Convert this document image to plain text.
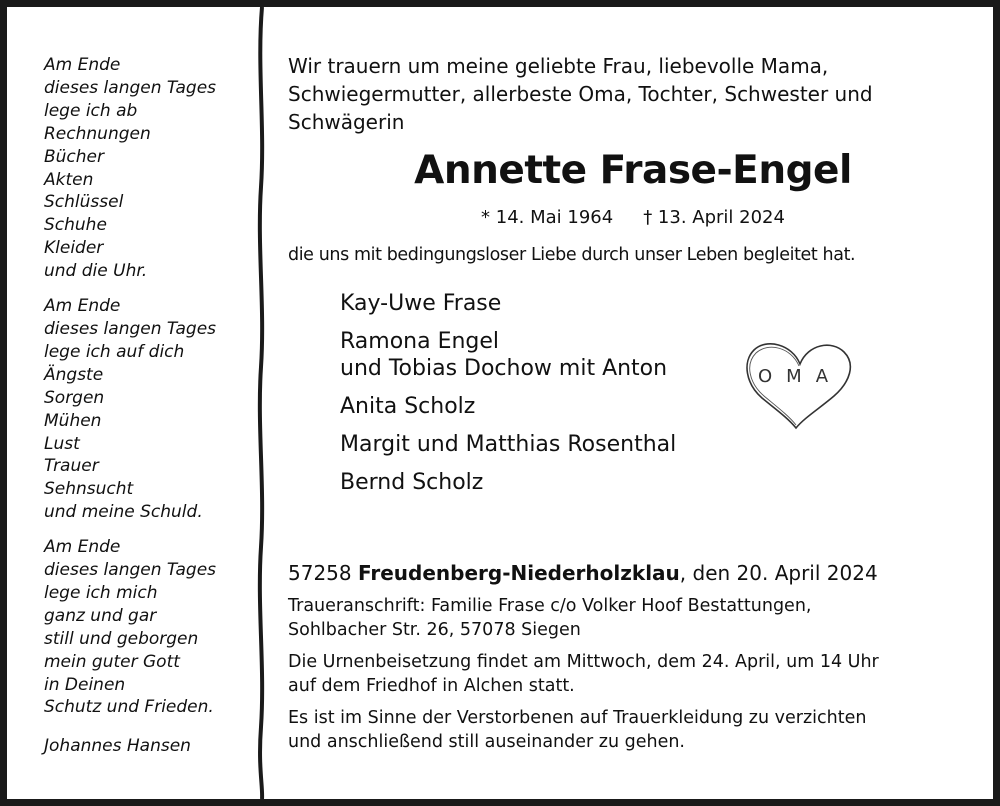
Am Ende
dieses langen Tages
lege ich ab
Rechnungen
Bücher
Akten
Schlüssel
Schuhe
Kleider
und die Uhr.
Am Ende
dieses langen Tages
lege ich auf dich
Ängste
Sorgen
Mühen
Lust
Trauer
Sehnsucht
und meine Schuld.
Am Ende
dieses langen Tages
lege ich mich
ganz und gar
still und geborgen
mein guter Gott
in Deinen
Schutz und Frieden.
Johannes Hansen

Wir trauern um meine geliebte Frau, liebevolle Mama,
Schwiegermutter, allerbeste Oma, Tochter, Schwester und
Schwägerin

Annette Frase-Engel

* 14. Mai 1964 † 13. April 2024

die uns mit bedingungsloser Liebe durch unser Leben begleitet hat.

Kay-Uwe Frase
Ramona Engel
und Tobias Dochow mit Anton
Anita Scholz
Margit und Matthias Rosenthal
Bernd Scholz
OMA

57258 Freudenberg-Niederholzklau, den 20. April 2024

Traueranschrift: Familie Frase c/o Volker Hoof Bestattungen,
Sohlbacher Str. 26, 57078 Siegen

Die Urnenbeisetzung findet am Mittwoch, dem 24. April, um 14 Uhr
auf dem Friedhof in Alchen statt.

Es ist im Sinne der Verstorbenen auf Trauerkleidung zu verzichten
und anschließend still auseinander zu gehen.
